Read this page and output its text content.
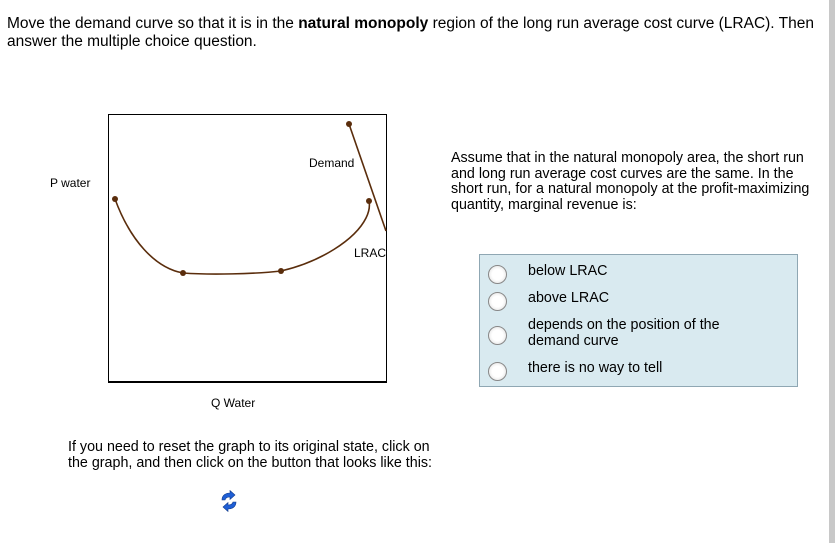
Move the demand curve so that it is in the natural monopoly region of the long run average cost curve (LRAC). Then answer the multiple choice question.
P water
Demand
LRAC
Q Water
Assume that in the natural monopoly area, the short run and long run average cost curves are the same. In the short run, for a natural monopoly at the profit-maximizing quantity, marginal revenue is:
below LRAC
above LRAC
depends on the position of the demand curve
there is no way to tell
If you need to reset the graph to its original state, click on the graph, and then click on the button that looks like this:
